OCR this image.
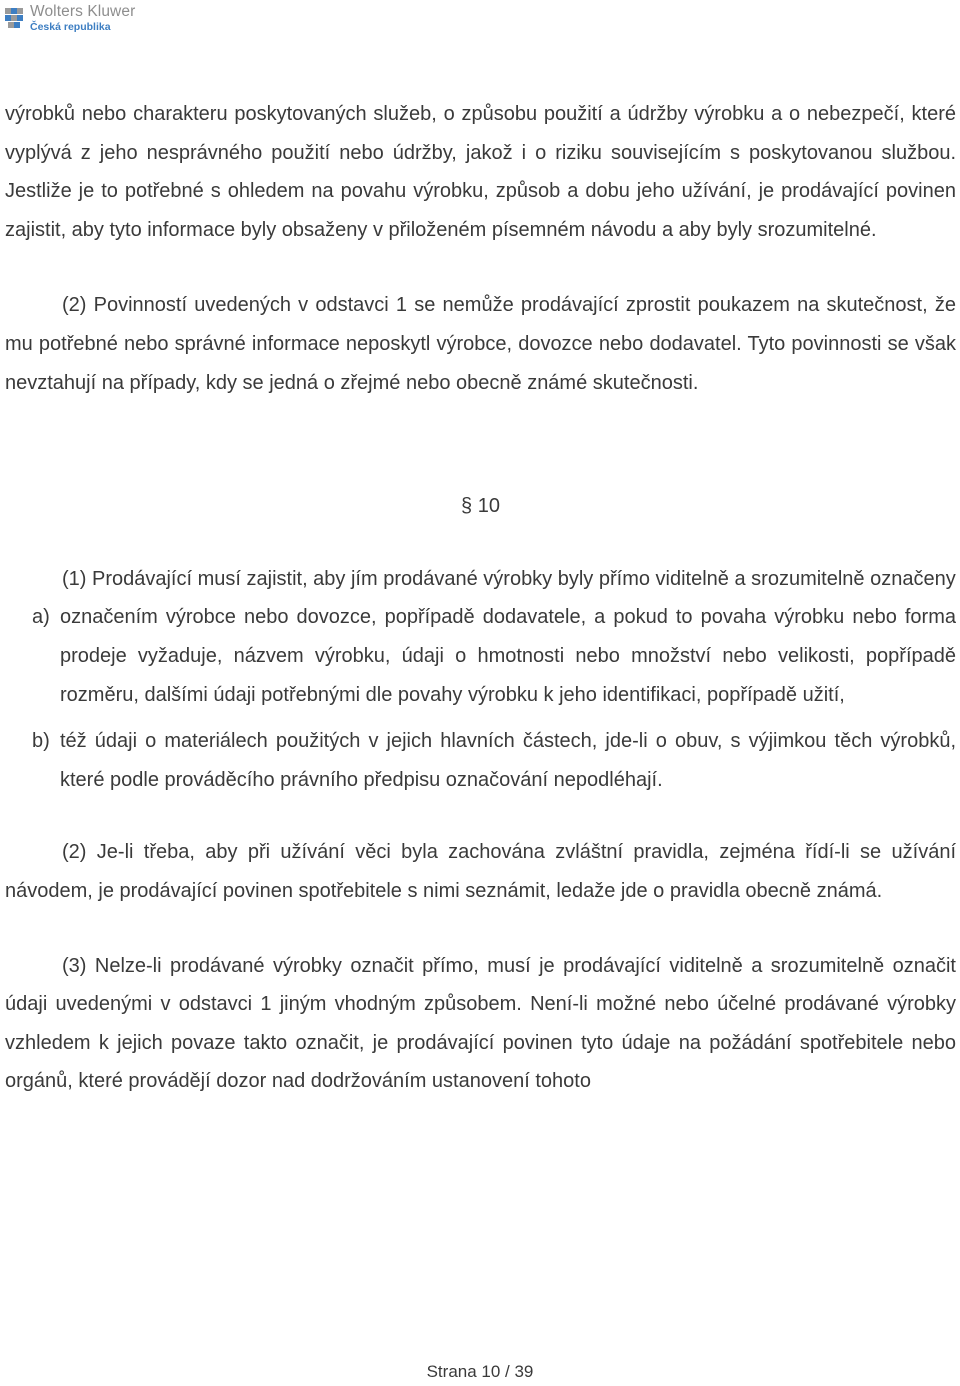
Wolters Kluwer
Česká republika

výrobků nebo charakteru poskytovaných služeb, o způsobu použití a údržby výrobku a o nebezpečí, které vyplývá z jeho nesprávného použití nebo údržby, jakož i o riziku souvisejícím s poskytovanou službou. Jestliže je to potřebné s ohledem na povahu výrobku, způsob a dobu jeho užívání, je prodávající povinen zajistit, aby tyto informace byly obsaženy v přiloženém písemném návodu a aby byly srozumitelné.

(2) Povinností uvedených v odstavci 1 se nemůže prodávající zprostit poukazem na skutečnost, že mu potřebné nebo správné informace neposkytl výrobce, dovozce nebo dodavatel. Tyto povinnosti se však nevztahují na případy, kdy se jedná o zřejmé nebo obecně známé skutečnosti.

§ 10

(1) Prodávající musí zajistit, aby jím prodávané výrobky byly přímo viditelně a srozumitelně označeny

a) označením výrobce nebo dovozce, popřípadě dodavatele, a pokud to povaha výrobku nebo forma prodeje vyžaduje, názvem výrobku, údaji o hmotnosti nebo množství nebo velikosti, popřípadě rozměru, dalšími údaji potřebnými dle povahy výrobku k jeho identifikaci, popřípadě užití,
b) též údaji o materiálech použitých v jejich hlavních částech, jde-li o obuv, s výjimkou těch výrobků, které podle prováděcího právního předpisu označování nepodléhají.

(2) Je-li třeba, aby při užívání věci byla zachována zvláštní pravidla, zejména řídí-li se užívání návodem, je prodávající povinen spotřebitele s nimi seznámit, ledaže jde o pravidla obecně známá.

(3) Nelze-li prodávané výrobky označit přímo, musí je prodávající viditelně a srozumitelně označit údaji uvedenými v odstavci 1 jiným vhodným způsobem. Není-li možné nebo účelné prodávané výrobky vzhledem k jejich povaze takto označit, je prodávající povinen tyto údaje na požádání spotřebitele nebo orgánů, které provádějí dozor nad dodržováním ustanovení tohoto

Strana 10 / 39
